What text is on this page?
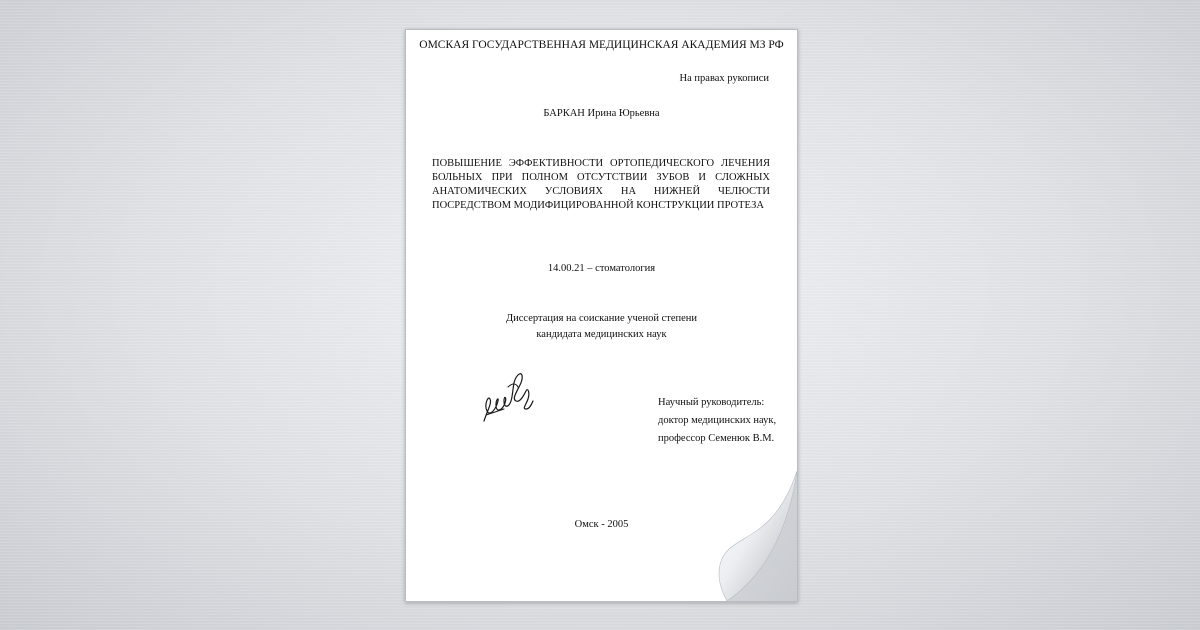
ОМСКАЯ ГОСУДАРСТВЕННАЯ МЕДИЦИНСКАЯ АКАДЕМИЯ МЗ РФ
На правах рукописи
БАРКАН Ирина Юрьевна
ПОВЫШЕНИЕ ЭФФЕКТИВНОСТИ ОРТОПЕДИЧЕСКОГО ЛЕЧЕНИЯ
БОЛЬНЫХ ПРИ ПОЛНОМ ОТСУТСТВИИ ЗУБОВ И СЛОЖНЫХ
АНАТОМИЧЕСКИХ УСЛОВИЯХ НА НИЖНЕЙ ЧЕЛЮСТИ
ПОСРЕДСТВОМ МОДИФИЦИРОВАННОЙ КОНСТРУКЦИИ ПРОТЕЗА
14.00.21 – стоматология
Диссертация на соискание ученой степени
кандидата медицинских наук
Научный руководитель:
доктор медицинских наук,
профессор Семенюк В.М.
Омск - 2005
